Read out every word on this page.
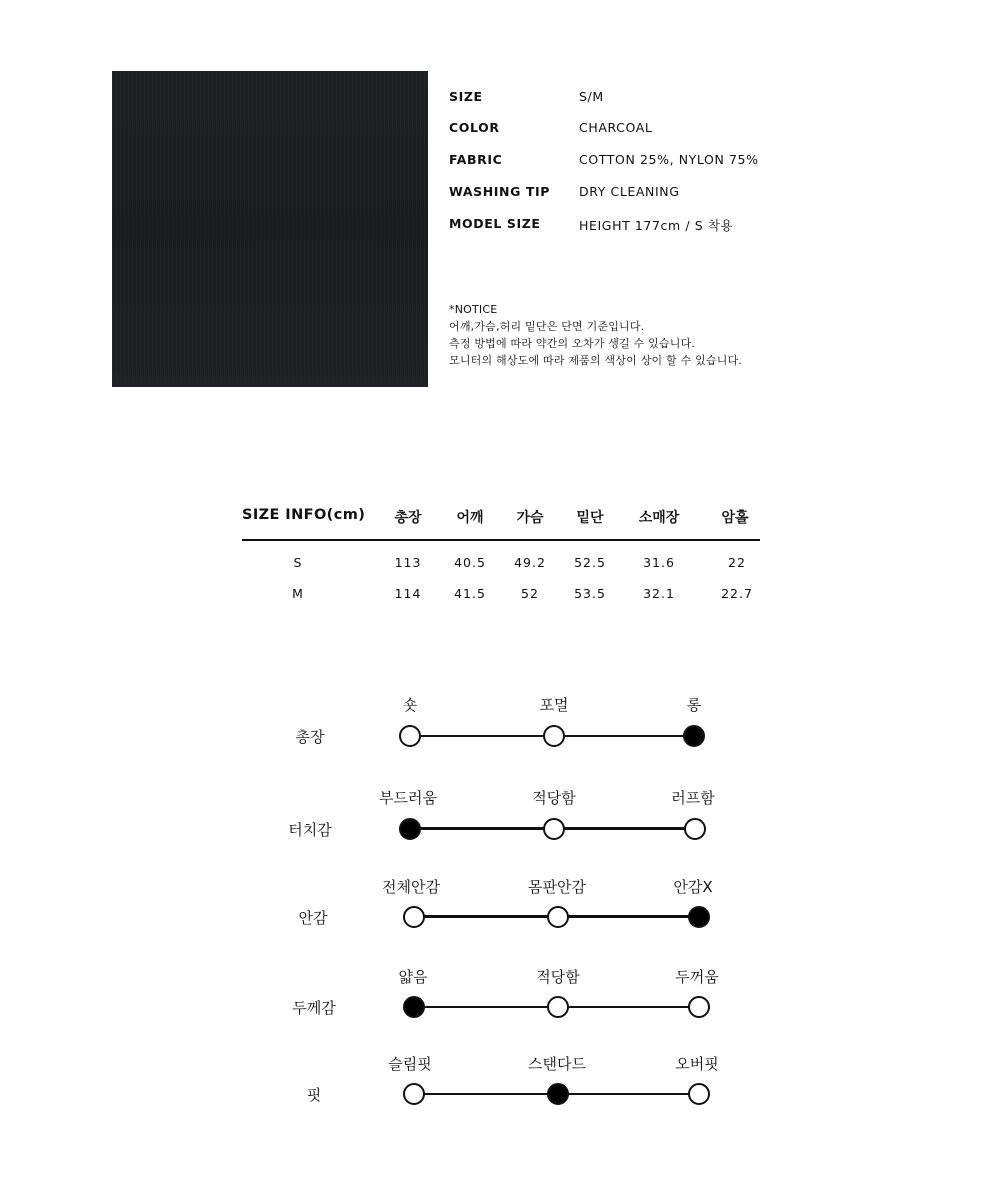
SIZE	S/M
COLOR	CHARCOAL
FABRIC	COTTON 25%, NYLON 75%
WASHING TIP DRY CLEANING
MODEL SIZE	HEIGHT 177cm / S 착용
*NOTICE
어깨,가슴,허리 밑단은 단면 기준입니다.
측정 방법에 따라 약간의 오차가 생길 수 있습니다.
모니터의 해상도에 따라 제품의 색상이 상이 할 수 있습니다.
SIZE INFO(cm) 총장 어깨 가슴 밑단	소매장	암홀
S	113	40.5 49.2 52.5	31.6	22
M	114	41.5	52	53.5	32.1	22.7
총장
숏	포멀	롱
터치감
부드러움	적당함	러프함
안감
전체안감	몸판안감	안감X
두께감
얇음	적당함	두꺼움
핏
슬림핏	스탠다드	오버핏
